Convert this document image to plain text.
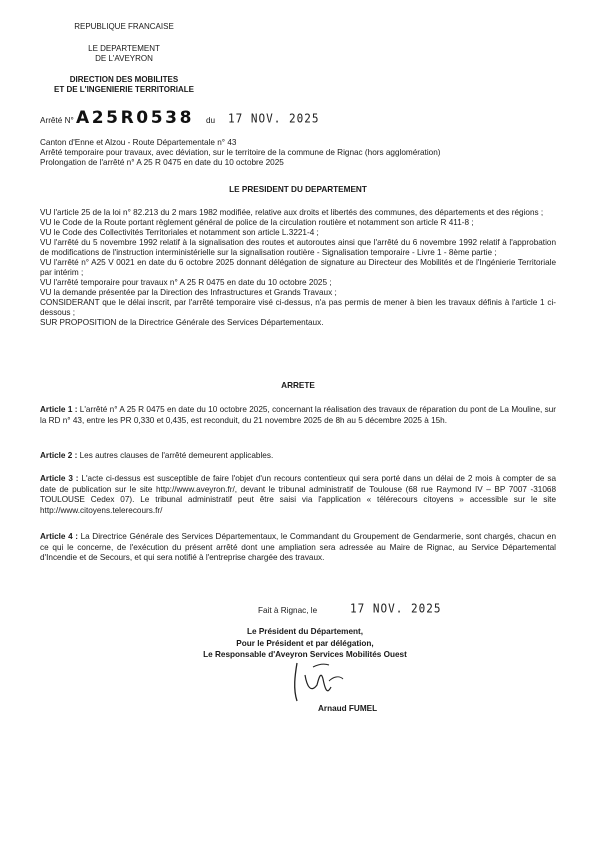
REPUBLIQUE FRANCAISE
LE DEPARTEMENT
DE L'AVEYRON
DIRECTION DES MOBILITES
ET DE L'INGENIERIE TERRITORIALE
Arrêté N° A25R0538 du 17 NOV. 2025
Canton d'Enne et Alzou - Route Départementale n° 43
Arrêté temporaire pour travaux, avec déviation, sur le territoire de la commune de Rignac (hors agglomération)
Prolongation de l'arrêté n° A 25 R 0475 en date du 10 octobre 2025
LE PRESIDENT DU DEPARTEMENT

VU l'article 25 de la loi n° 82.213 du 2 mars 1982 modifiée, relative aux droits et libertés des communes, des départements et des régions ;

VU le Code de la Route portant règlement général de police de la circulation routière et notamment son article R 411-8 ;

VU le Code des Collectivités Territoriales et notamment son article L.3221-4 ;

VU l'arrêté du 5 novembre 1992 relatif à la signalisation des routes et autoroutes ainsi que l'arrêté du 6 novembre 1992 relatif à l'approbation de modifications de l'instruction interministérielle sur la signalisation routière - Signalisation temporaire - Livre 1 - 8ème partie ;

VU l'arrêté n° A25 V 0021 en date du 6 octobre 2025 donnant délégation de signature au Directeur des Mobilités et de l'Ingénierie Territoriale par intérim ;

VU l'arrêté temporaire pour travaux n° A 25 R 0475 en date du 10 octobre 2025 ;

VU la demande présentée par la Direction des Infrastructures et Grands Travaux ;

CONSIDERANT que le délai inscrit, par l'arrêté temporaire visé ci-dessus, n'a pas permis de mener à bien les travaux définis à l'article 1 ci-dessous ;

SUR PROPOSITION de la Directrice Générale des Services Départementaux.

ARRETE
Article 1 : L'arrêté n° A 25 R 0475 en date du 10 octobre 2025, concernant la réalisation des travaux de réparation du pont de La Mouline, sur la RD n° 43, entre les PR 0,330 et 0,435, est reconduit, du 21 novembre 2025 de 8h au 5 décembre 2025 à 15h.
Article 2 : Les autres clauses de l'arrêté demeurent applicables.
Article 3 : L'acte ci-dessus est susceptible de faire l'objet d'un recours contentieux qui sera porté dans un délai de 2 mois à compter de sa date de publication sur le site http://www.aveyron.fr/, devant le tribunal administratif de Toulouse (68 rue Raymond IV – BP 7007 -31068 TOULOUSE Cedex 07). Le tribunal administratif peut être saisi via l'application « télérecours citoyens » accessible sur le site http://www.citoyens.telerecours.fr/
Article 4 : La Directrice Générale des Services Départementaux, le Commandant du Groupement de Gendarmerie, sont chargés, chacun en ce qui le concerne, de l'exécution du présent arrêté dont une ampliation sera adressée au Maire de Rignac, au Service Départemental d'Incendie et de Secours, et qui sera notifié à l'entreprise chargée des travaux.
Fait à Rignac, le	17 NOV. 2025
Le Président du Département,
Pour le Président et par délégation,
Le Responsable d'Aveyron Services Mobilités Ouest
Arnaud FUMEL
